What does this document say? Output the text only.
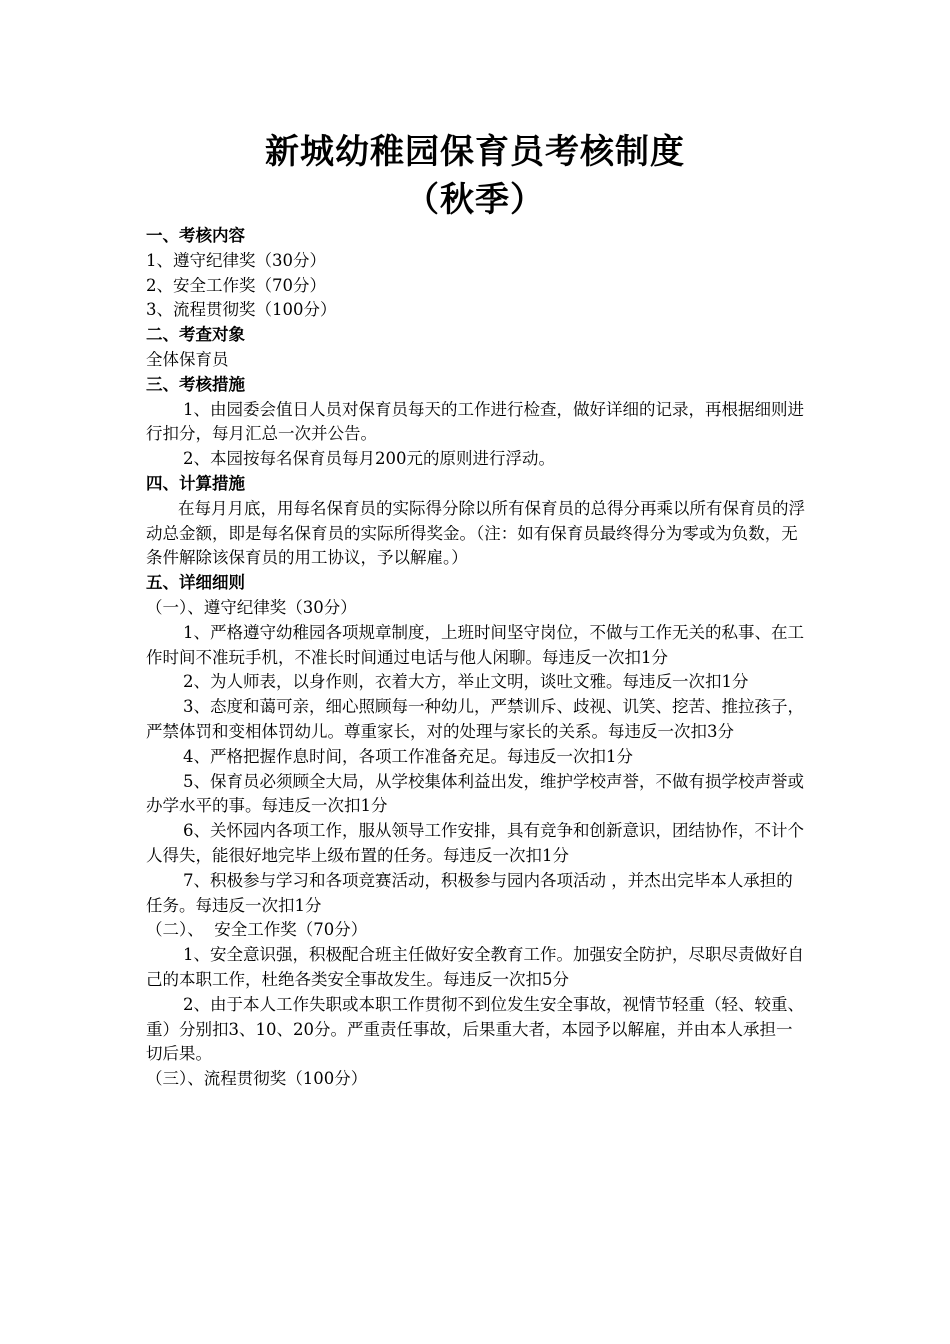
新城幼稚园保育员考核制度
（秋季）

一、考核内容

1、遵守纪律奖（30分）

2、安全工作奖（70分）

3、流程贯彻奖（100分）

二、考查对象

全体保育员

三、考核措施

1、由园委会值日人员对保育员每天的工作进行检查，做好详细的记录，再根据细则进行扣分，每月汇总一次并公告。

2、本园按每名保育员每月200元的原则进行浮动。

四、计算措施

在每月月底，用每名保育员的实际得分除以所有保育员的总得分再乘以所有保育员的浮动总金额，即是每名保育员的实际所得奖金。（注：如有保育员最终得分为零或为负数，无条件解除该保育员的用工协议，予以解雇。）

五、详细细则

（一）、遵守纪律奖（30分）

1、严格遵守幼稚园各项规章制度，上班时间坚守岗位，不做与工作无关的私事、在工作时间不准玩手机，不准长时间通过电话与他人闲聊。每违反一次扣1分

2、为人师表，以身作则，衣着大方，举止文明，谈吐文雅。每违反一次扣1分

3、态度和蔼可亲，细心照顾每一种幼儿，严禁训斥、歧视、讥笑、挖苦、推拉孩子，严禁体罚和变相体罚幼儿。尊重家长，对的处理与家长的关系。每违反一次扣3分

4、严格把握作息时间，各项工作准备充足。每违反一次扣1分

5、保育员必须顾全大局，从学校集体利益出发，维护学校声誉，不做有损学校声誉或办学水平的事。每违反一次扣1分

6、关怀园内各项工作，服从领导工作安排，具有竞争和创新意识，团结协作，不计个人得失，能很好地完毕上级布置的任务。每违反一次扣1分

7、积极参与学习和各项竞赛活动，积极参与园内各项活动 ，并杰出完毕本人承担的任务。每违反一次扣1分

（二）、  安全工作奖（70分）

1、安全意识强，积极配合班主任做好安全教育工作。加强安全防护，尽职尽责做好自己的本职工作，杜绝各类安全事故发生。每违反一次扣5分

2、由于本人工作失职或本职工作贯彻不到位发生安全事故，视情节轻重（轻、较重、重）分别扣3、10、20分。严重责任事故，后果重大者，本园予以解雇，并由本人承担一切后果。

（三）、流程贯彻奖（100分）
